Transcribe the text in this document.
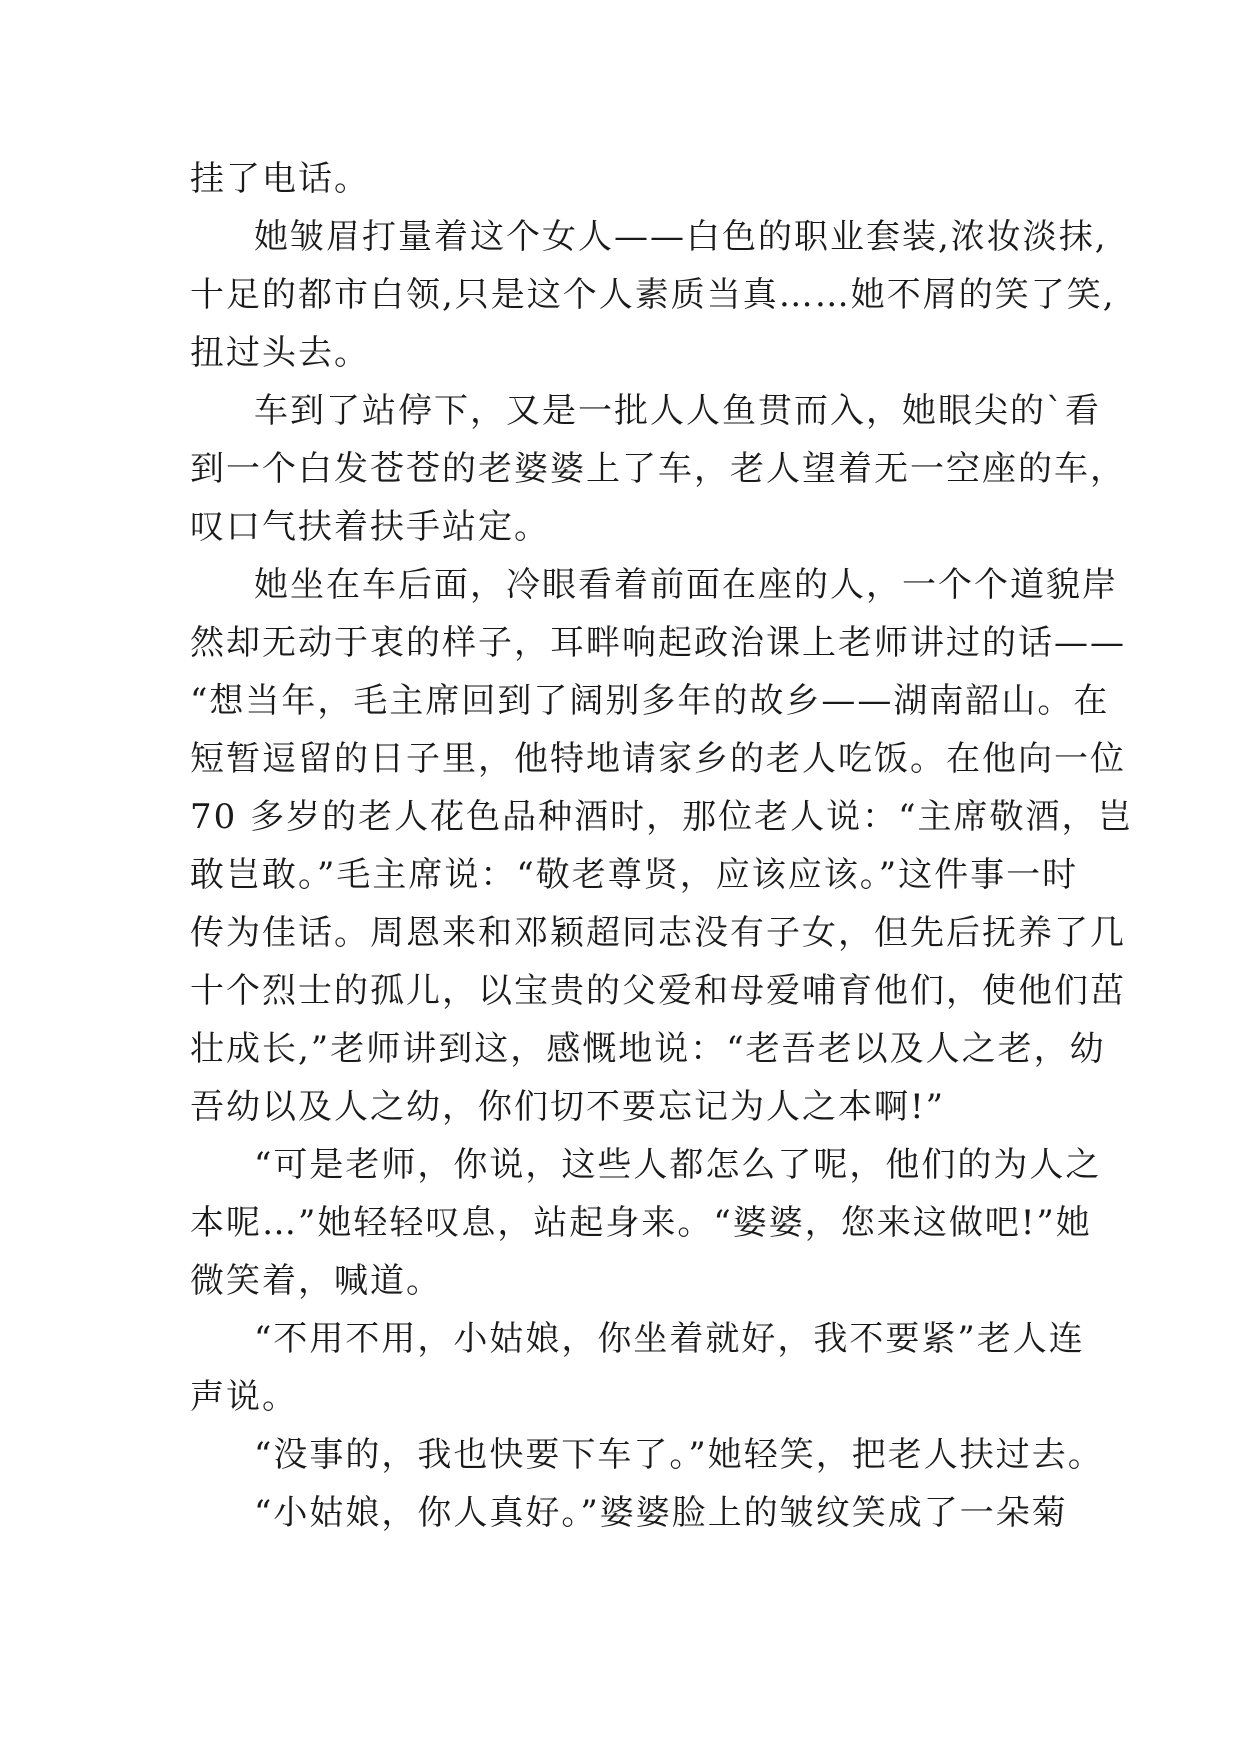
挂了电话。
她皱眉打量着这个女人——白色的职业套装,浓妆淡抹,
十足的都市白领,只是这个人素质当真……她不屑的笑了笑,
扭过头去。
车到了站停下，又是一批人人鱼贯而入，她眼尖的`看
到一个白发苍苍的老婆婆上了车，老人望着无一空座的车，
叹口气扶着扶手站定。
她坐在车后面，冷眼看着前面在座的人，一个个道貌岸
然却无动于衷的样子，耳畔响起政治课上老师讲过的话——
“想当年，毛主席回到了阔别多年的故乡——湖南韶山。在
短暂逗留的日子里，他特地请家乡的老人吃饭。在他向一位
70 多岁的老人花色品种酒时，那位老人说：“主席敬酒，岂
敢岂敢。”毛主席说：“敬老尊贤，应该应该。”这件事一时
传为佳话。周恩来和邓颖超同志没有子女，但先后抚养了几
十个烈士的孤儿，以宝贵的父爱和母爱哺育他们，使他们茁
壮成长,”老师讲到这，感慨地说：“老吾老以及人之老，幼
吾幼以及人之幼，你们切不要忘记为人之本啊!”
“可是老师，你说，这些人都怎么了呢，他们的为人之
本呢…”她轻轻叹息，站起身来。“婆婆，您来这做吧!”她
微笑着，喊道。
“不用不用，小姑娘，你坐着就好，我不要紧”老人连
声说。
“没事的，我也快要下车了。”她轻笑，把老人扶过去。
“小姑娘，你人真好。”婆婆脸上的皱纹笑成了一朵菊
